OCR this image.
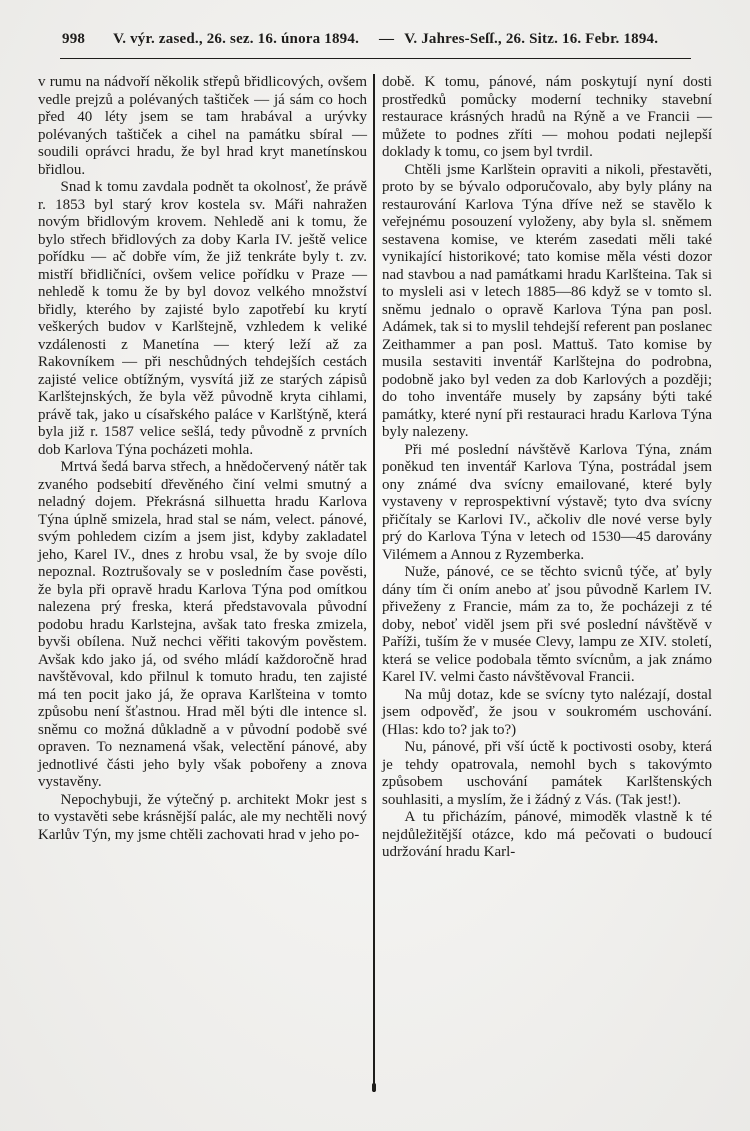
998 V. výr. zased., 26. sez. 16. února 1894. — V. Jahres-Seſſ., 26. Sitz. 16. Febr. 1894.

v rumu na nádvoří několik střepů břidlicových, ovšem vedle prejzů a polévaných taštiček — já sám co hoch před 40 léty jsem se tam hrabával a urývky polévaných taštiček a cihel na památku sbíral — soudili oprávci hradu, že byl hrad kryt manetínskou břidlou.

Snad k tomu zavdala podnět ta okolnosť, že právě r. 1853 byl starý krov kostela sv. Máři nahražen novým břidlovým krovem. Nehledě ani k tomu, že bylo střech břidlových za doby Karla IV. ještě velice pořídku — ač dobře vím, že již tenkráte byly t. zv. mistří břidličníci, ovšem velice pořídku v Praze — nehledě k tomu že by byl dovoz velkého množství břidly, kterého by zajisté bylo zapotřebí ku krytí veškerých budov v Karlštejně, vzhledem k veliké vzdálenosti z Manetína — který leží až za Rakovníkem — při neschůdných tehdejších cestách zajisté velice obtížným, vysvítá již ze starých zápisů Karlštejnských, že byla věž původně kryta cihlami, právě tak, jako u císařského paláce v Karlštýně, která byla již r. 1587 velice sešlá, tedy původně z prvních dob Karlova Týna pocházeti mohla.

Mrtvá šedá barva střech, a hnědočervený nátěr tak zvaného podsebití dřevěného činí velmi smutný a neladný dojem. Překrásná silhuetta hradu Karlova Týna úplně smizela, hrad stal se nám, velect. pánové, svým pohledem cizím a jsem jist, kdyby zakladatel jeho, Karel IV., dnes z hrobu vsal, že by svoje dílo nepoznal. Roztrušovaly se v posledním čase pověsti, že byla při opravě hradu Karlova Týna pod omítkou nalezena prý freska, která představovala původní podobu hradu Karlstejna, avšak tato freska zmizela, byvši obílena. Nuž nechci věřiti takovým pověstem. Avšak kdo jako já, od svého mládí každoročně hrad navštěvoval, kdo přilnul k tomuto hradu, ten zajisté má ten pocit jako já, že oprava Karlšteina v tomto způsobu není šťastnou. Hrad měl býti dle intence sl. sněmu co možná důkladně a v původní podobě své opraven. To neznamená však, velectění pánové, aby jednotlivé části jeho byly však pobořeny a znova vystavěny.

Nepochybuji, že výtečný p. architekt Mokr jest s to vystavěti sebe krásnější palác, ale my nechtěli nový Karlův Týn, my jsme chtěli zachovati hrad v jeho po-

době. K tomu, pánové, nám poskytují nyní dosti prostředků pomůcky moderní techniky stavební restaurace krásných hradů na Rýně a ve Francii — můžete to podnes zříti — mohou podati nejlepší doklady k tomu, co jsem byl tvrdil.

Chtěli jsme Karlštein opraviti a nikoli, přestavěti, proto by se bývalo odporučovalo, aby byly plány na restaurování Karlova Týna dříve než se stavělo k veřejnému posouzení vyloženy, aby byla sl. sněmem sestavena komise, ve kterém zasedati měli také vynikající historikové; tato komise měla vésti dozor nad stavbou a nad památkami hradu Karlšteina. Tak si to mysleli asi v letech 1885—86 když se v tomto sl. sněmu jednalo o opravě Karlova Týna pan posl. Adámek, tak si to myslil tehdejší referent pan poslanec Zeithammer a pan posl. Mattuš. Tato komise by musila sestaviti inventář Karlštejna do podrobna, podobně jako byl veden za dob Karlových a později; do toho inventáře musely by zapsány býti také památky, které nyní při restauraci hradu Karlova Týna byly nalezeny.

Při mé poslední návštěvě Karlova Týna, znám poněkud ten inventář Karlova Týna, postrádal jsem ony známé dva svícny emailované, které byly vystaveny v reprospektivní výstavě; tyto dva svícny přičítaly se Karlovi IV., ačkoliv dle nové verse byly prý do Karlova Týna v letech od 1530—45 darovány Vilémem a Annou z Ryzemberka.

Nuže, pánové, ce se těchto svicnů týče, ať byly dány tím či oním anebo ať jsou původně Karlem IV. přiveženy z Francie, mám za to, že pocházeji z té doby, neboť viděl jsem při své poslední návštěvě v Paříži, tuším že v musée Clevy, lampu ze XIV. století, která se velice podobala těmto svícnům, a jak známo Karel IV. velmi často návštěvoval Francii.

Na můj dotaz, kde se svícny tyto nalézají, dostal jsem odpověď, že jsou v soukromém uschování. (Hlas: kdo to? jak to?)

Nu, pánové, při vší úctě k poctivosti osoby, která je tehdy opatrovala, nemohl bych s takovýmto způsobem uschování památek Karlštenských souhlasiti, a myslím, že i žádný z Vás. (Tak jest!).

A tu přicházím, pánové, mimoděk vlastně k té nejdůležitější otázce, kdo má pečovati o budoucí udržování hradu Karl-
